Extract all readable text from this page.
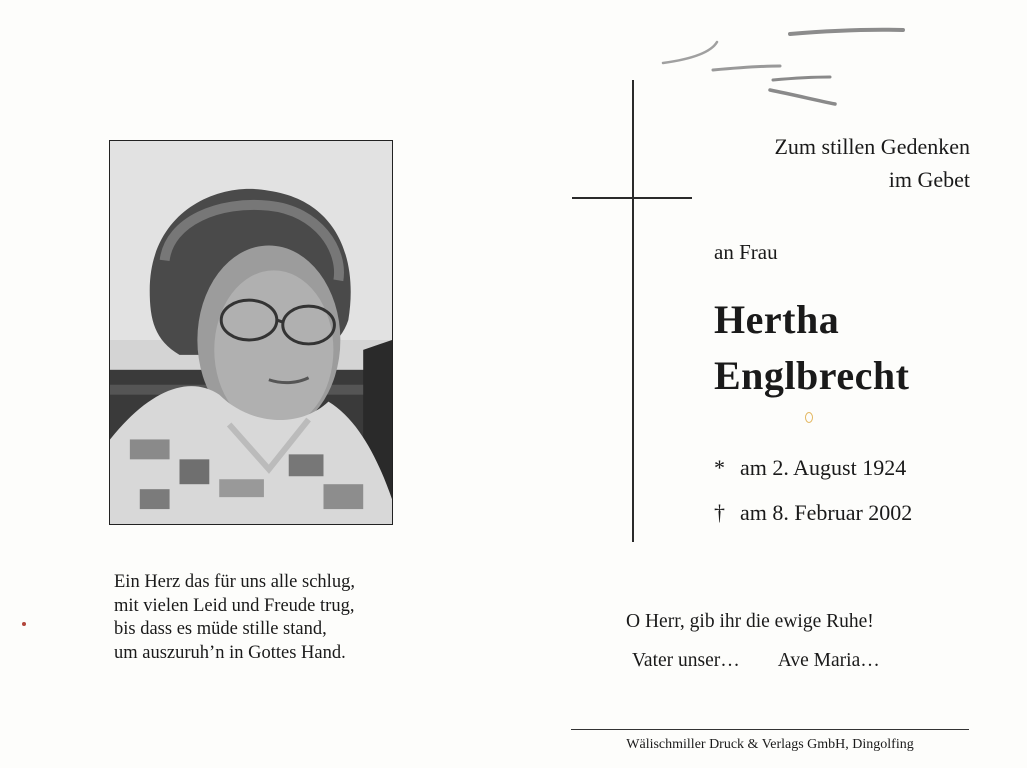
Ein Herz das für uns alle schlug,
mit vielen Leid und Freude trug,
bis dass es müde stille stand,
um auszuruh’n in Gottes Hand.
Zum stillen Gedenken
im Gebet
an Frau
Hertha
Englbrecht
* am 2. August 1924
† am 8. Februar 2002
O Herr, gib ihr die ewige Ruhe!
Vater unser… Ave Maria…
Wälischmiller Druck & Verlags GmbH, Dingolfing
